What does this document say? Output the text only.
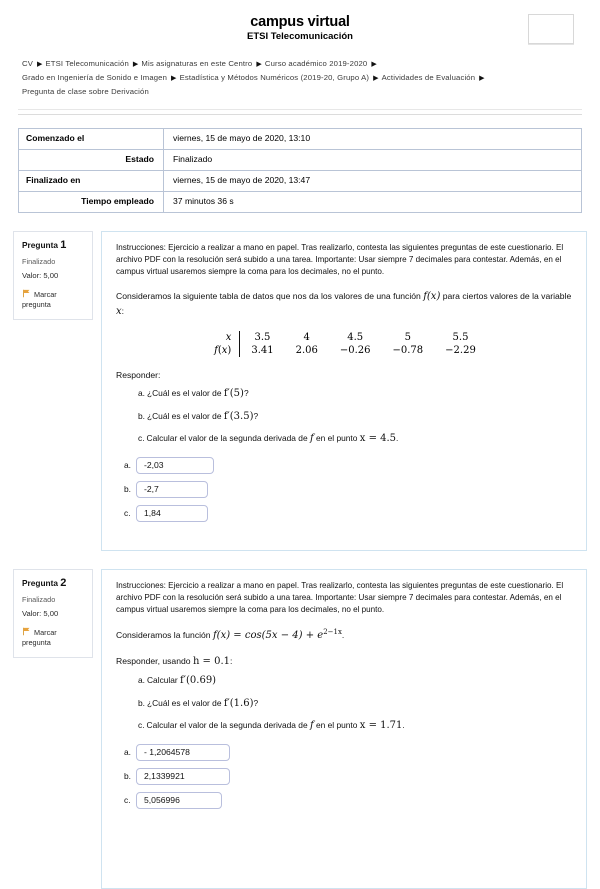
campus virtual
ETSI Telecomunicación
CV ▶ ETSI Telecomunicación ▶ Mis asignaturas en este Centro ▶ Curso académico 2019-2020 ▶
Grado en Ingeniería de Sonido e Imagen ▶ Estadística y Métodos Numéricos (2019-20, Grupo A) ▶ Actividades de Evaluación ▶
Pregunta de clase sobre Derivación
Comenzado el	viernes, 15 de mayo de 2020, 13:10
Estado	Finalizado
Finalizado en	viernes, 15 de mayo de 2020, 13:47
Tiempo empleado	37 minutos 36 s
Pregunta 1
Finalizado
Valor: 5,00
Marcar
pregunta
Instrucciones: Ejercicio a realizar a mano en papel. Tras realizarlo, contesta las siguientes preguntas de este cuestionario. El archivo PDF con la resolución será subido a una tarea. Importante: Usar siempre 7 decimales para contestar. Además, en el campus virtual usaremos siempre la coma para los decimales, no el punto.
Consideramos la siguiente tabla de datos que nos da los valores de una función f(x) para ciertos valores de la variable x:
x	3.5	4	4.5	5	5.5
f(x)	3.41	2.06	−0.26	−0.78	−2.29
Responder:
a. ¿Cuál es el valor de f′(5)?
b. ¿Cuál es el valor de f′(3.5)?
c. Calcular el valor de la segunda derivada de f en el punto x = 4.5.
a.
-2,03
b.
-2,7
c.
1,84
Pregunta 2
Finalizado
Valor: 5,00
Marcar
pregunta
Instrucciones: Ejercicio a realizar a mano en papel. Tras realizarlo, contesta las siguientes preguntas de este cuestionario. El archivo PDF con la resolución será subido a una tarea. Importante: Usar siempre 7 decimales para contestar. Además, en el campus virtual usaremos siempre la coma para los decimales, no el punto.
Consideramos la función $f(x) = \cos(5x - 4) + e^{2-1x}$.
Responder, usando h = 0.1:
a. Calcular f′(0.69)
b. ¿Cuál es el valor de f′(1.6)?
c. Calcular el valor de la segunda derivada de f en el punto x = 1.71.
a.
- 1,2064578
b.
2,1339921
c.
5,056996
